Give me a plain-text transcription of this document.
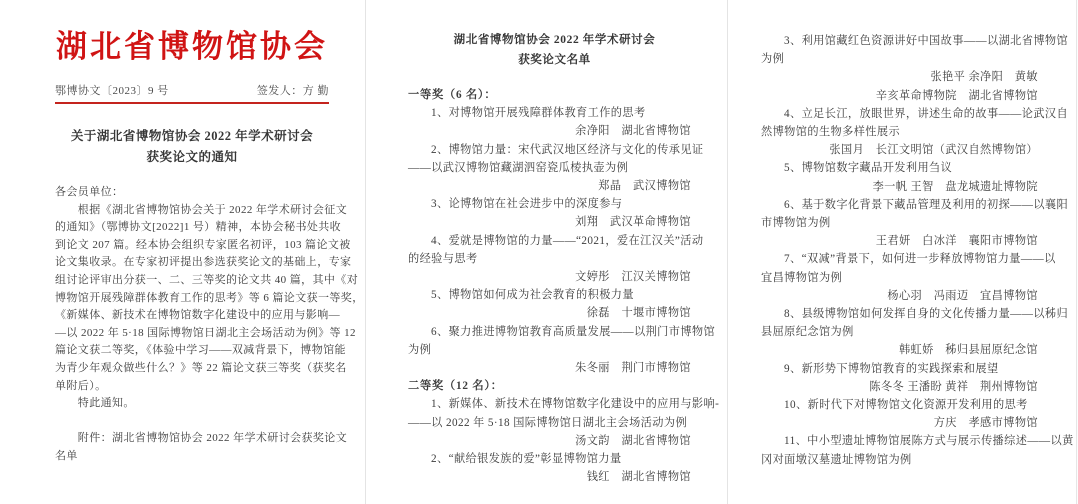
湖北省博物馆协会
鄂博协文〔2023〕9 号	签发人：方 勤
关于湖北省博物馆协会 2022 年学术研讨会
获奖论文的通知
各会员单位：
　　根据《湖北省博物馆协会关于 2022 年学术研讨会征文
的通知》（鄂博协文[2022]1 号）精神，本协会秘书处共收
到论文 207 篇。经本协会组织专家匿名初评，103 篇论文被
论文集收录。在专家初评提出参选获奖论文的基础上，专家
组讨论评审出分获一、二、三等奖的论文共 40 篇，其中《对
博物馆开展残障群体教育工作的思考》等 6 篇论文获一等奖，
《新媒体、新技术在博物馆数字化建设中的应用与影响—
—以 2022 年 5·18 国际博物馆日湖北主会场活动为例》等 12
篇论文获二等奖，《体验中学习——双减背景下，博物馆能
为青少年观众做些什么？》等 22 篇论文获三等奖（获奖名
单附后）。
　　特此通知。

　　附件：湖北省博物馆协会 2022 年学术研讨会获奖论文
名单
湖北省博物馆协会 2022 年学术研讨会
获奖论文名单
一等奖（6 名）：
1、对博物馆开展残障群体教育工作的思考
余净阳　湖北省博物馆
2、博物馆力量：宋代武汉地区经济与文化的传承见证
——以武汉博物馆藏湖泗窑瓷瓜棱执壶为例
郑晶　武汉博物馆
3、论博物馆在社会进步中的深度参与
刘翔　武汉革命博物馆
4、爱就是博物馆的力量——“2021，爱在江汉关”活动
的经验与思考
文婷彤　江汉关博物馆
5、博物馆如何成为社会教育的积极力量
徐磊　十堰市博物馆
6、聚力推进博物馆教育高质量发展——以荆门市博物馆
为例
朱冬丽　荆门市博物馆
二等奖（12 名）：
1、新媒体、新技术在博物馆数字化建设中的应用与影响-
——以 2022 年 5·18 国际博物馆日湖北主会场活动为例
汤文韵　湖北省博物馆
2、“献给银发族的爱”彰显博物馆力量
钱红　湖北省博物馆
3、利用馆藏红色资源讲好中国故事——以湖北省博物馆
为例
张艳平 余净阳　黄敏
辛亥革命博物院　湖北省博物馆
4、立足长江，放眼世界，讲述生命的故事——论武汉自
然博物馆的生物多样性展示
张国月　长江文明馆（武汉自然博物馆）
5、博物馆数字藏品开发利用刍议
李一帆 王智　盘龙城遗址博物院
6、基于数字化背景下藏品管理及利用的初探——以襄阳
市博物馆为例
王君妍　白冰洋　襄阳市博物馆
7、“双减”背景下，如何进一步释放博物馆力量——以
宜昌博物馆为例
杨心羽　冯雨迈　宜昌博物馆
8、县级博物馆如何发挥自身的文化传播力量——以秭归
县屈原纪念馆为例
韩虹娇　秭归县屈原纪念馆
9、新形势下博物馆教育的实践探索和展望
陈冬冬 王潘盼 黄祥　荆州博物馆
10、新时代下对博物馆文化资源开发利用的思考
方庆　孝感市博物馆
11、中小型遗址博物馆展陈方式与展示传播综述——以黄
冈对面墩汉墓遗址博物馆为例
